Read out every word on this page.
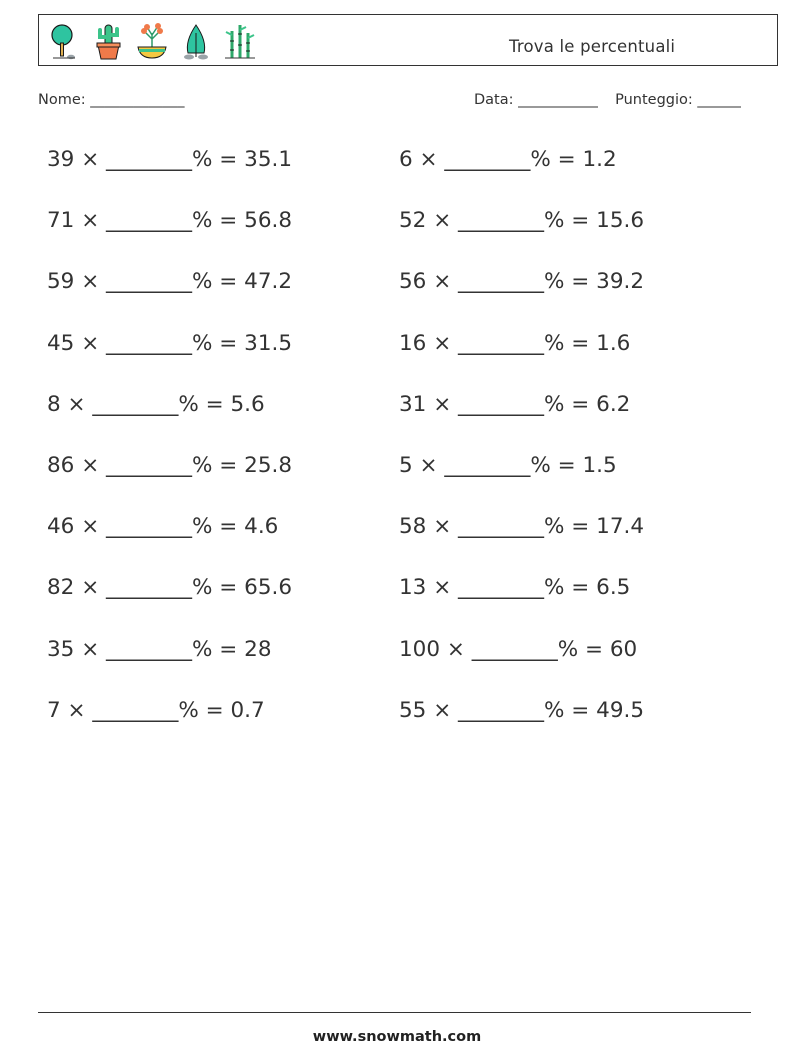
Trova le percentuali
Nome: _____________	Data: ___________ Punteggio: ______
39 × ________% = 35.1	6 × ________% = 1.2
71 × ________% = 56.8	52 × ________% = 15.6
59 × ________% = 47.2	56 × ________% = 39.2
45 × ________% = 31.5	16 × ________% = 1.6
8 × ________% = 5.6	31 × ________% = 6.2
86 × ________% = 25.8	5 × ________% = 1.5
46 × ________% = 4.6	58 × ________% = 17.4
82 × ________% = 65.6	13 × ________% = 6.5
35 × ________% = 28	100 × ________% = 60
7 × ________% = 0.7	55 × ________% = 49.5
www.snowmath.com
